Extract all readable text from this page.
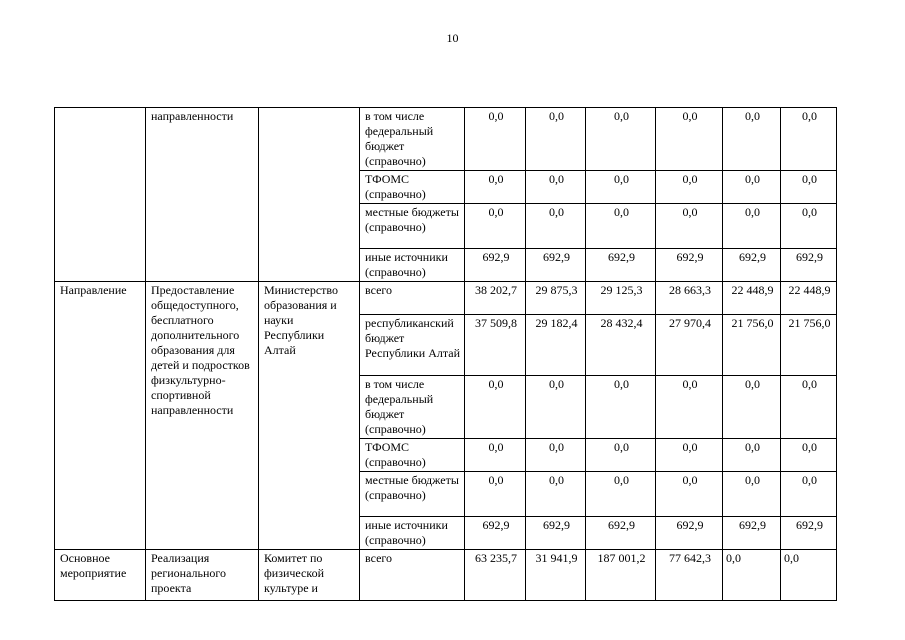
10
	направленности		в том числе федеральный бюджет (справочно)	0,0	0,0	0,0	0,0	0,0	0,0
			ТФОМС (справочно)	0,0	0,0	0,0	0,0	0,0	0,0
			местные бюджеты (справочно)	0,0	0,0	0,0	0,0	0,0	0,0
			иные источники (справочно)	692,9	692,9	692,9	692,9	692,9	692,9
Направление	Предоставление общедоступного, бесплатного дополнительного образования для детей и подростков физкультурно-спортивной направленности	Министерство образования и науки Республики Алтай	всего	38 202,7	29 875,3	29 125,3	28 663,3	22 448,9	22 448,9
			республиканский бюджет Республики Алтай	37 509,8	29 182,4	28 432,4	27 970,4	21 756,0	21 756,0
			в том числе федеральный бюджет (справочно)	0,0	0,0	0,0	0,0	0,0	0,0
			ТФОМС (справочно)	0,0	0,0	0,0	0,0	0,0	0,0
			местные бюджеты (справочно)	0,0	0,0	0,0	0,0	0,0	0,0
			иные источники (справочно)	692,9	692,9	692,9	692,9	692,9	692,9
Основное мероприятие	Реализация регионального проекта	Комитет по физической культуре и	всего	63 235,7	31 941,9	187 001,2	77 642,3	0,0	0,0
